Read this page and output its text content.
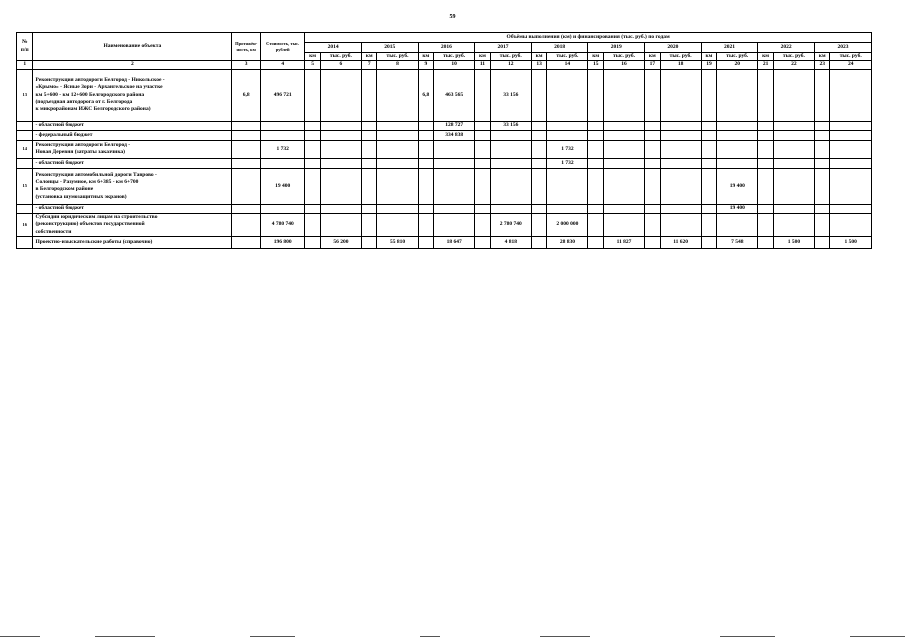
59
№ п/п	Наименование объекта	Протяжён-ность, км	Стоимость, тыс. рублей	Объёмы выполнения (км) и финансирования (тыс. руб.) по годам																			
				2014		2015		2016		2017		2018		2019		2020		2021		2022		2023	
				км	тыс. руб.	км	тыс. руб.	км	тыс. руб.	км	тыс. руб.	км	тыс. руб.	км	тыс. руб.	км	тыс. руб.	км	тыс. руб.	км	тыс. руб.	км	тыс. руб.
1	2	3	4	5	6	7	8	9	10	11	12	13	14	15	16	17	18	19	20	21	22	23	24
13	Реконструкция автодороги Белгород - Никольское -
«Крымо» - Ясные Зори - Архангельское на участке
км 5+600 - км 12+600 Белгородского района
(подъездная автодорога от г. Белгорода
к микрорайонам ИЖС Белгородского района)	6,8	496 721					6,8	463 565		33 156												

	- областной бюджет								128 727		33 156												

	- федеральный бюджет								334 838														
14	Реконструкция автодороги Белгород -
Новая Деревня (затраты заказчика)		1 732										1 732										

	- областной бюджет												1 732										
15	Реконструкция автомобильной дороги Таврово -
Солонцы - Разумное, км 6+385 - км 6+700
в Белгородском районе
(установка шумозащитных экранов)		19 400																19 400				

	- областной бюджет																		19 400				
16	Субсидии юридическим лицам на строительство
(реконструкцию) объектов государственной
собственности		4 780 740								2 780 740		2 000 000										

	Проектно-изыскательские работы (справочно)		196 800		56 200		55 810		18 647		4 818		28 830		11 827		11 620		7 548		1 500		1 500
